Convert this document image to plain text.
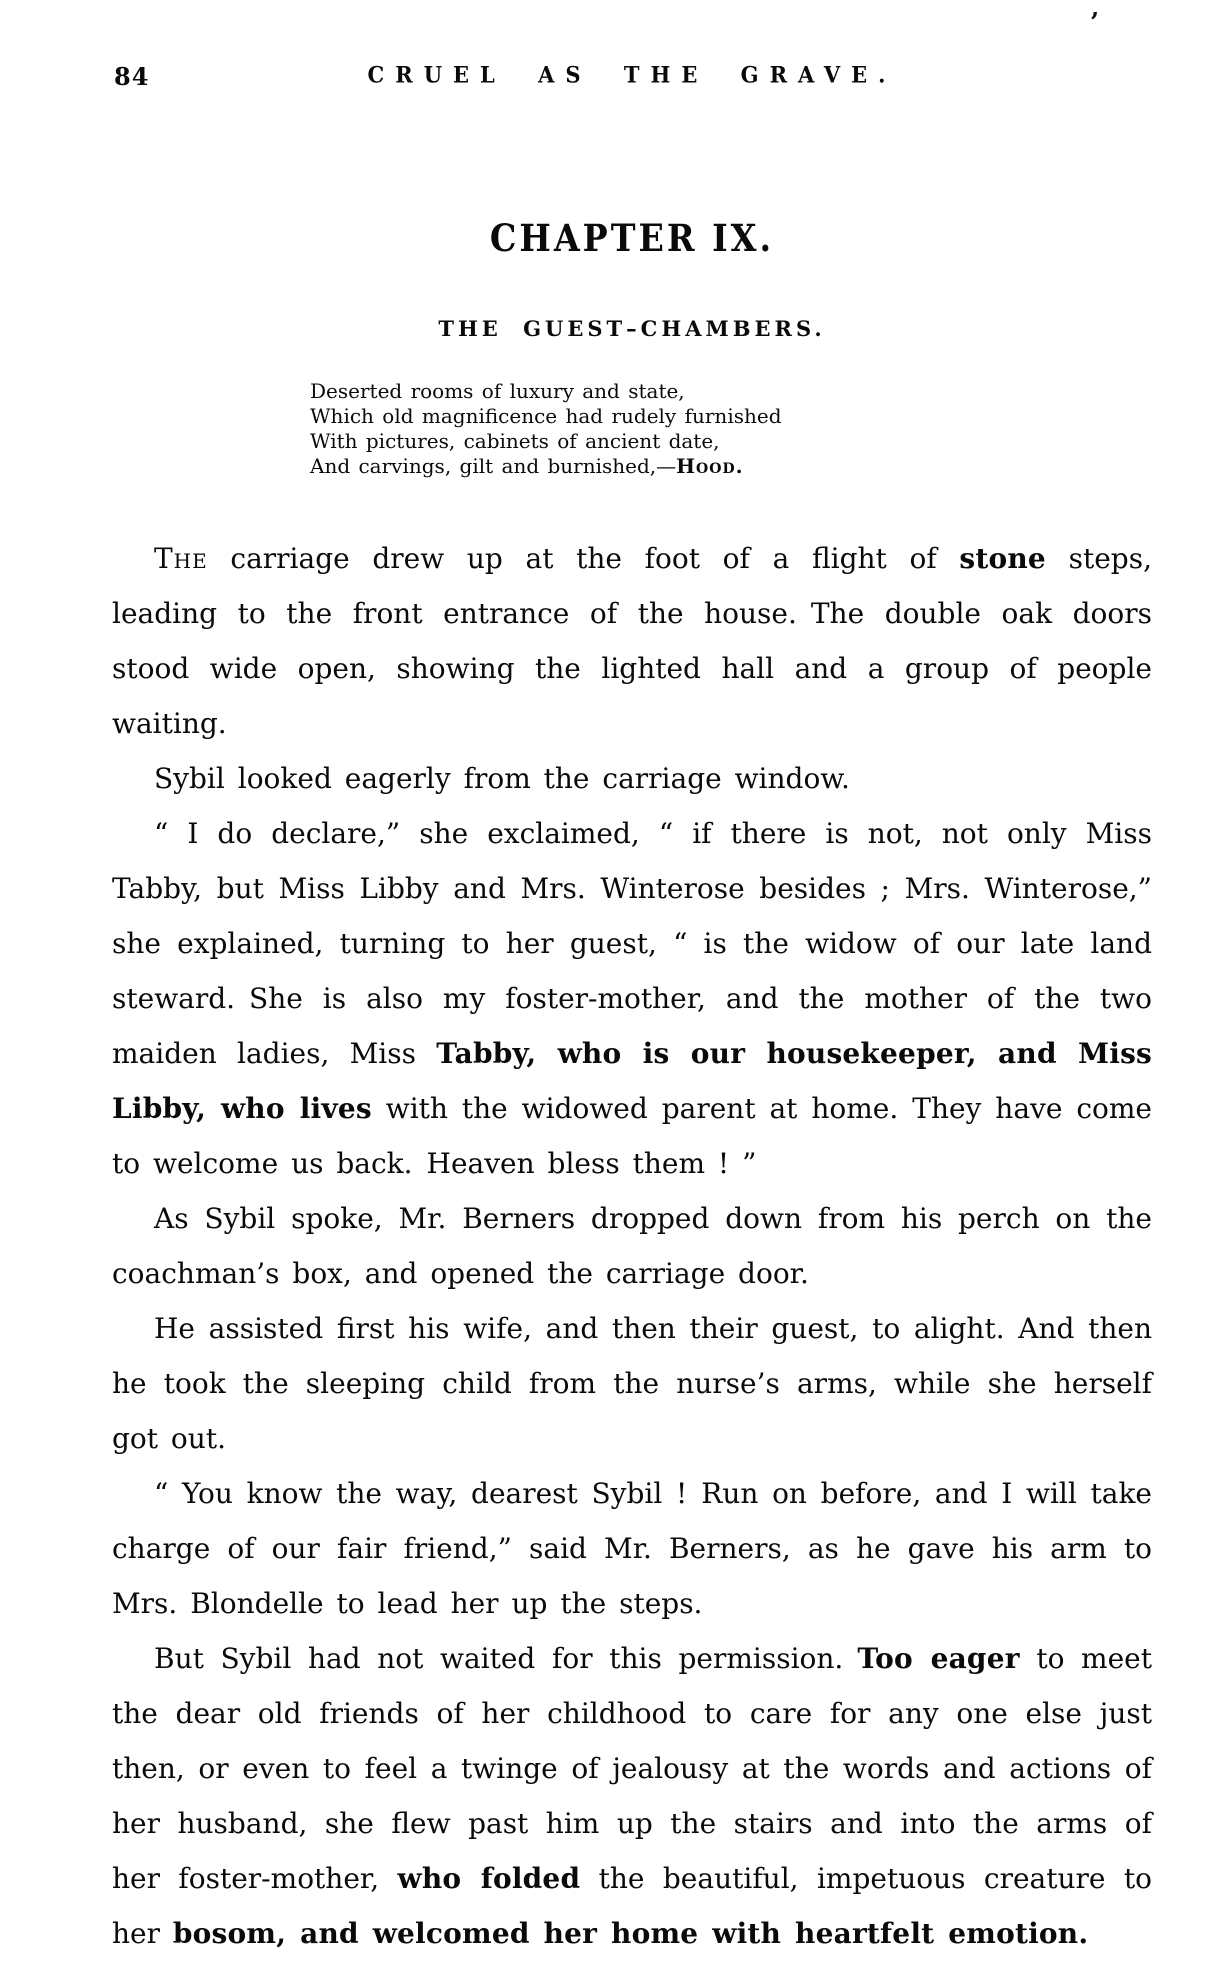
’
84	CRUEL AS THE GRAVE.
CHAPTER IX.
THE GUEST–CHAMBERS.
Deserted rooms of luxury and state,
Which old magnificence had rudely furnished
With pictures, cabinets of ancient date,
And carvings, gilt and burnished,—Hood.

The carriage drew up at the foot of a flight of stone steps, leading to the front entrance of the house. The double oak doors stood wide open, showing the lighted hall and a group of people waiting.

Sybil looked eagerly from the carriage window.

“ I do declare,” she exclaimed, “ if there is not, not only Miss Tabby, but Miss Libby and Mrs. Winterose besides ; Mrs. Winterose,” she explained, turning to her guest, “ is the widow of our late land steward. She is also my foster-mother, and the mother of the two maiden ladies, Miss Tabby, who is our housekeeper, and Miss Libby, who lives with the widowed parent at home. They have come to welcome us back. Heaven bless them ! ”

As Sybil spoke, Mr. Berners dropped down from his perch on the coachman’s box, and opened the carriage door.

He assisted first his wife, and then their guest, to alight. And then he took the sleeping child from the nurse’s arms, while she herself got out.

“ You know the way, dearest Sybil ! Run on before, and I will take charge of our fair friend,” said Mr. Berners, as he gave his arm to Mrs. Blondelle to lead her up the steps.

But Sybil had not waited for this permission. Too eager to meet the dear old friends of her childhood to care for any one else just then, or even to feel a twinge of jealousy at the words and actions of her husband, she flew past him up the stairs and into the arms of her foster-mother, who folded the beautiful, impetuous creature to her bosom, and welcomed her home with heartfelt emotion.
